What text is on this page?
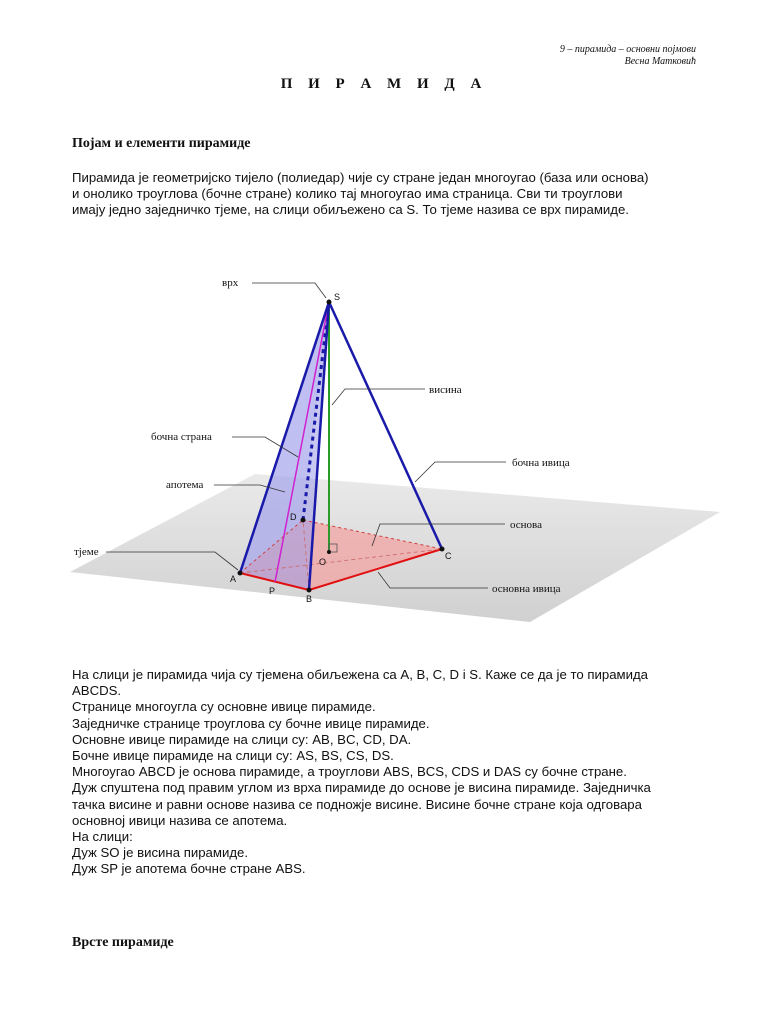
9 – пирамида – основни појмови
Весна Матковић
П И Р А М И Д А
Појам и елементи пирамиде
Пирамида је геометријско тијело (полиедар) чије су стране један многоугао (база или основа)
и онолико троуглова (бочне стране) колико тај многоугао има страница. Сви ти троуглови
имају једно заједничко тјеме, на слици обиљежено са S. То тјеме назива се врх пирамиде.
S
A
B
C
D
O
P
врх
висина
бочна страна
бочна ивица
апотема
основа
тјеме
основна ивица
На слици је пирамида чија су тјемена обиљежена са A, B, C, D i S. Каже се да је то пирамида
ABCDS.
Странице многоугла су основне ивице пирамиде.
Заједничке странице троуглова су бочне ивице пирамиде.
Основне ивице пирамиде на слици су: AB, BC, CD, DA.
Бочне ивице пирамиде на слици су: AS, BS, CS, DS.
Многоугао ABCD је основа пирамиде, а троуглови ABS, BCS, CDS и DAS су бочне стране.
Дуж спуштена под правим углом из врха пирамиде до основе је висина пирамиде. Заједничка
тачка висине и равни основе назива се подножје висине. Висине бочне стране која одговара
основној ивици назива се апотема.
На слици:
Дуж SO је висина пирамиде.
Дуж SP је апотема бочне стране ABS.
Врсте пирамиде
